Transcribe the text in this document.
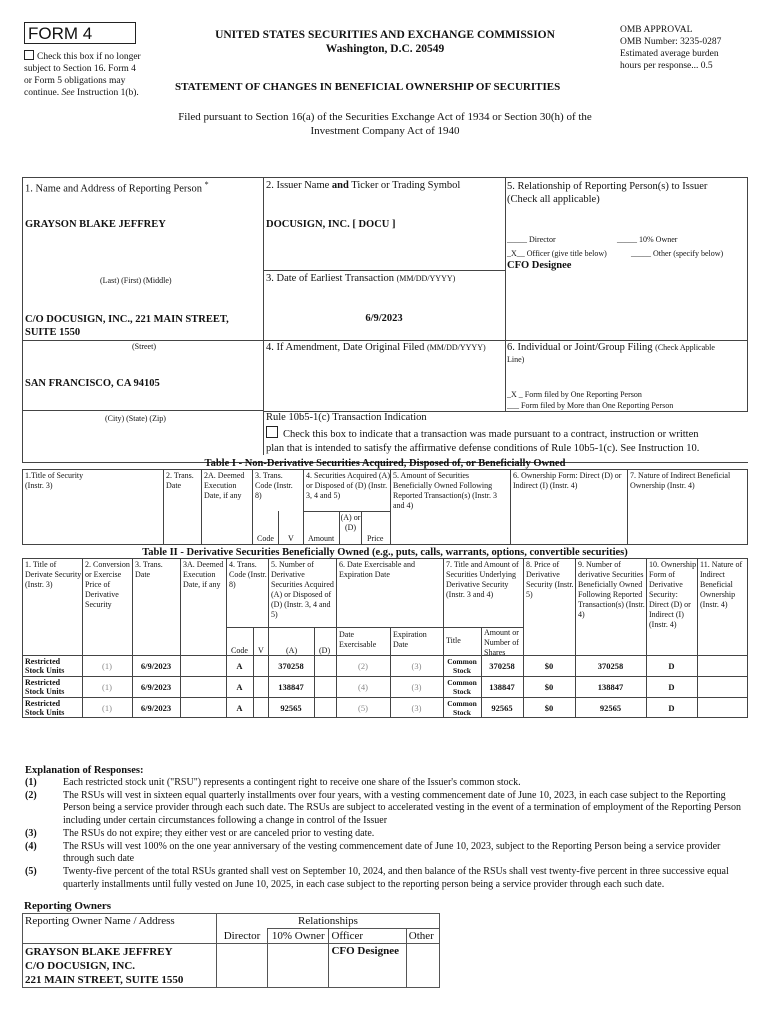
FORM 4
Check this box if no longer
subject to Section 16. Form 4
or Form 5 obligations may
continue. See Instruction 1(b).
UNITED STATES SECURITIES AND EXCHANGE COMMISSION
Washington, D.C. 20549
STATEMENT OF CHANGES IN BENEFICIAL OWNERSHIP OF SECURITIES
OMB APPROVAL
OMB Number: 3235-0287
Estimated average burden
hours per response... 0.5
Filed pursuant to Section 16(a) of the Securities Exchange Act of 1934 or Section 30(h) of the
Investment Company Act of 1940
1. Name and Address of Reporting Person *
GRAYSON BLAKE JEFFREY
(Last) (First) (Middle)
C/O DOCUSIGN, INC., 221 MAIN STREET, SUITE 1550
(Street)
SAN FRANCISCO, CA 94105
(City) (State) (Zip)
2. Issuer Name and Ticker or Trading Symbol
DOCUSIGN, INC. [ DOCU ]
3. Date of Earliest Transaction (MM/DD/YYYY)
6/9/2023
4. If Amendment, Date Original Filed (MM/DD/YYYY)
5. Relationship of Reporting Person(s) to Issuer
(Check all applicable)
_____ Director	_____ 10% Owner
_X__ Officer (give title below)	_____ Other (specify below)
CFO Designee
6. Individual or Joint/Group Filing (Check Applicable
Line)
_X _ Form filed by One Reporting Person
___ Form filed by More than One Reporting Person
Rule 10b5-1(c) Transaction Indication
Check this box to indicate that a transaction was made pursuant to a contract, instruction or written
plan that is intended to satisfy the affirmative defense conditions of Rule 10b5-1(c). See Instruction 10.
Table I - Non-Derivative Securities Acquired, Disposed of, or Beneficially Owned
1.Title of Security
(Instr. 3)
2. Trans. Date
2A. Deemed Execution Date, if any
3. Trans. Code (Instr. 8)
4. Securities Acquired (A) or Disposed of (D) (Instr. 3, 4 and 5)
5. Amount of Securities Beneficially Owned Following Reported Transaction(s) (Instr. 3 and 4)
6. Ownership Form: Direct (D) or Indirect (I) (Instr. 4)
7. Nature of Indirect Beneficial Ownership (Instr. 4)
Code V Amount
(A) or (D)
Price
Table II - Derivative Securities Beneficially Owned (e.g., puts, calls, warrants, options, convertible securities)
1. Title of Derivate Security (Instr. 3)
2. Conversion or Exercise Price of Derivative Security
3. Trans. Date
3A. Deemed Execution Date, if any
4. Trans. Code (Instr. 8)
5. Number of Derivative Securities Acquired (A) or Disposed of (D) (Instr. 3, 4 and 5)
6. Date Exercisable and Expiration Date
7. Title and Amount of Securities Underlying Derivative Security (Instr. 3 and 4)
8. Price of Derivative Security (Instr. 5)
9. Number of derivative Securities Beneficially Owned Following Reported Transaction(s) (Instr. 4)
10. Ownership Form of Derivative Security: Direct (D) or Indirect (I) (Instr. 4)
11. Nature of Indirect Beneficial Ownership (Instr. 4)
Code V	(A)	(D)
Date Exercisable
Expiration Date	Title
Amount or Number of Shares
Restricted Stock Units	(1)	6/9/2023	A	370258	(2)	(3)	Common Stock	370258	$0	370258	D
Restricted Stock Units	(1)	6/9/2023	A	138847	(4)	(3)	Common Stock	138847	$0	138847	D
Restricted Stock Units	(1)	6/9/2023	A	92565	(5)	(3)	Common Stock	92565	$0	92565	D
Explanation of Responses:
(1)	Each restricted stock unit ("RSU") represents a contingent right to receive one share of the Issuer's common stock.
(2)	The RSUs will vest in sixteen equal quarterly installments over four years, with a vesting commencement date of June 10, 2023, in each case subject to the Reporting Person being a service provider through each such date. The RSUs are subject to accelerated vesting in the event of a termination of employment of the Reporting Person including under certain circumstances following a change in control of the Issuer
(3)	The RSUs do not expire; they either vest or are canceled prior to vesting date.
(4)	The RSUs will vest 100% on the one year anniversary of the vesting commencement date of June 10, 2023, subject to the Reporting Person being a service provider through such date
(5)	Twenty-five percent of the total RSUs granted shall vest on September 10, 2024, and then balance of the RSUs shall vest twenty-five percent in three successive equal quarterly installments until fully vested on June 10, 2025, in each case subject to the reporting person being a service provider through each such date.
Reporting Owners
Reporting Owner Name / Address	Relationships			
	Director	10% Owner	Officer	Other

GRAYSON BLAKE JEFFREY
C/O DOCUSIGN, INC.
221 MAIN STREET, SUITE 1550			CFO Designee	
